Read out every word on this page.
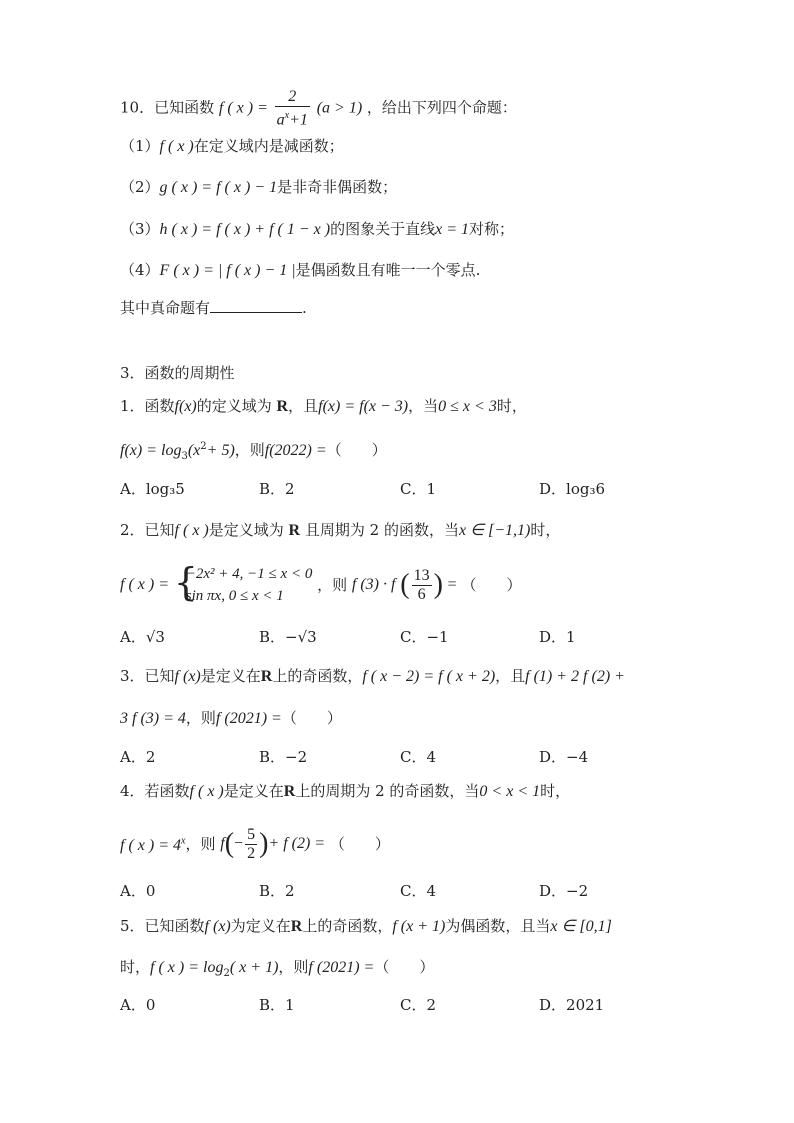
10．已知函数 f ( x ) = $\frac{2}{a^x+1} (a > 1)$ ，给出下列四个命题：
（1）f ( x )在定义域内是减函数；
（2）g ( x ) = f ( x ) − 1是非奇非偶函数；
（3）h ( x ) = f ( x ) + f ( 1 − x )的图象关于直线x = 1对称；
（4）F ( x ) = | f ( x ) − 1 |是偶函数且有唯一一个零点.
其中真命题有	.
3．函数的周期性
1．函数f(x)的定义域为 R，且f(x) = f(x − 3)，当0 ≤ x < 3时，
$f(x) = \log_3(x^2+ 5)$，则f(2022) =（　　）
A．log₃5	B．2	C．1	D．log₃6
2．已知f ( x )是定义域为 R 且周期为 2 的函数，当x ∈ [−1,1)时，
f ( x ) = {
−2x² + 4, −1 ≤ x < 0
sin πx, 0 ≤ x < 1
，则 f (3) · f ( $\frac{13}{6}$ ) = （　　）
A．√3	B．−√3	C．−1	D．1
3．已知f (x)是定义在R上的奇函数，f ( x − 2) = f ( x + 2)，且f (1) + 2 f (2) +
3 f (3) = 4，则f (2021) =（　　）
A．2	B．−2	C．4	D．−4
4．若函数f ( x )是定义在R上的周期为 2 的奇函数，当0 < x < 1时，
f ( x ) = $4^x$，则 $f(- \frac{5}{2}$ )+ f (2) = （　　）
A．0	B．2	C．4	D．−2
5．已知函数f (x)为定义在R上的奇函数，f (x + 1)为偶函数，且当x ∈ [0,1]
时，f ( x ) = $\log_2$( x + 1)，则f (2021) =（　　）
A．0	B．1	C．2	D．2021
